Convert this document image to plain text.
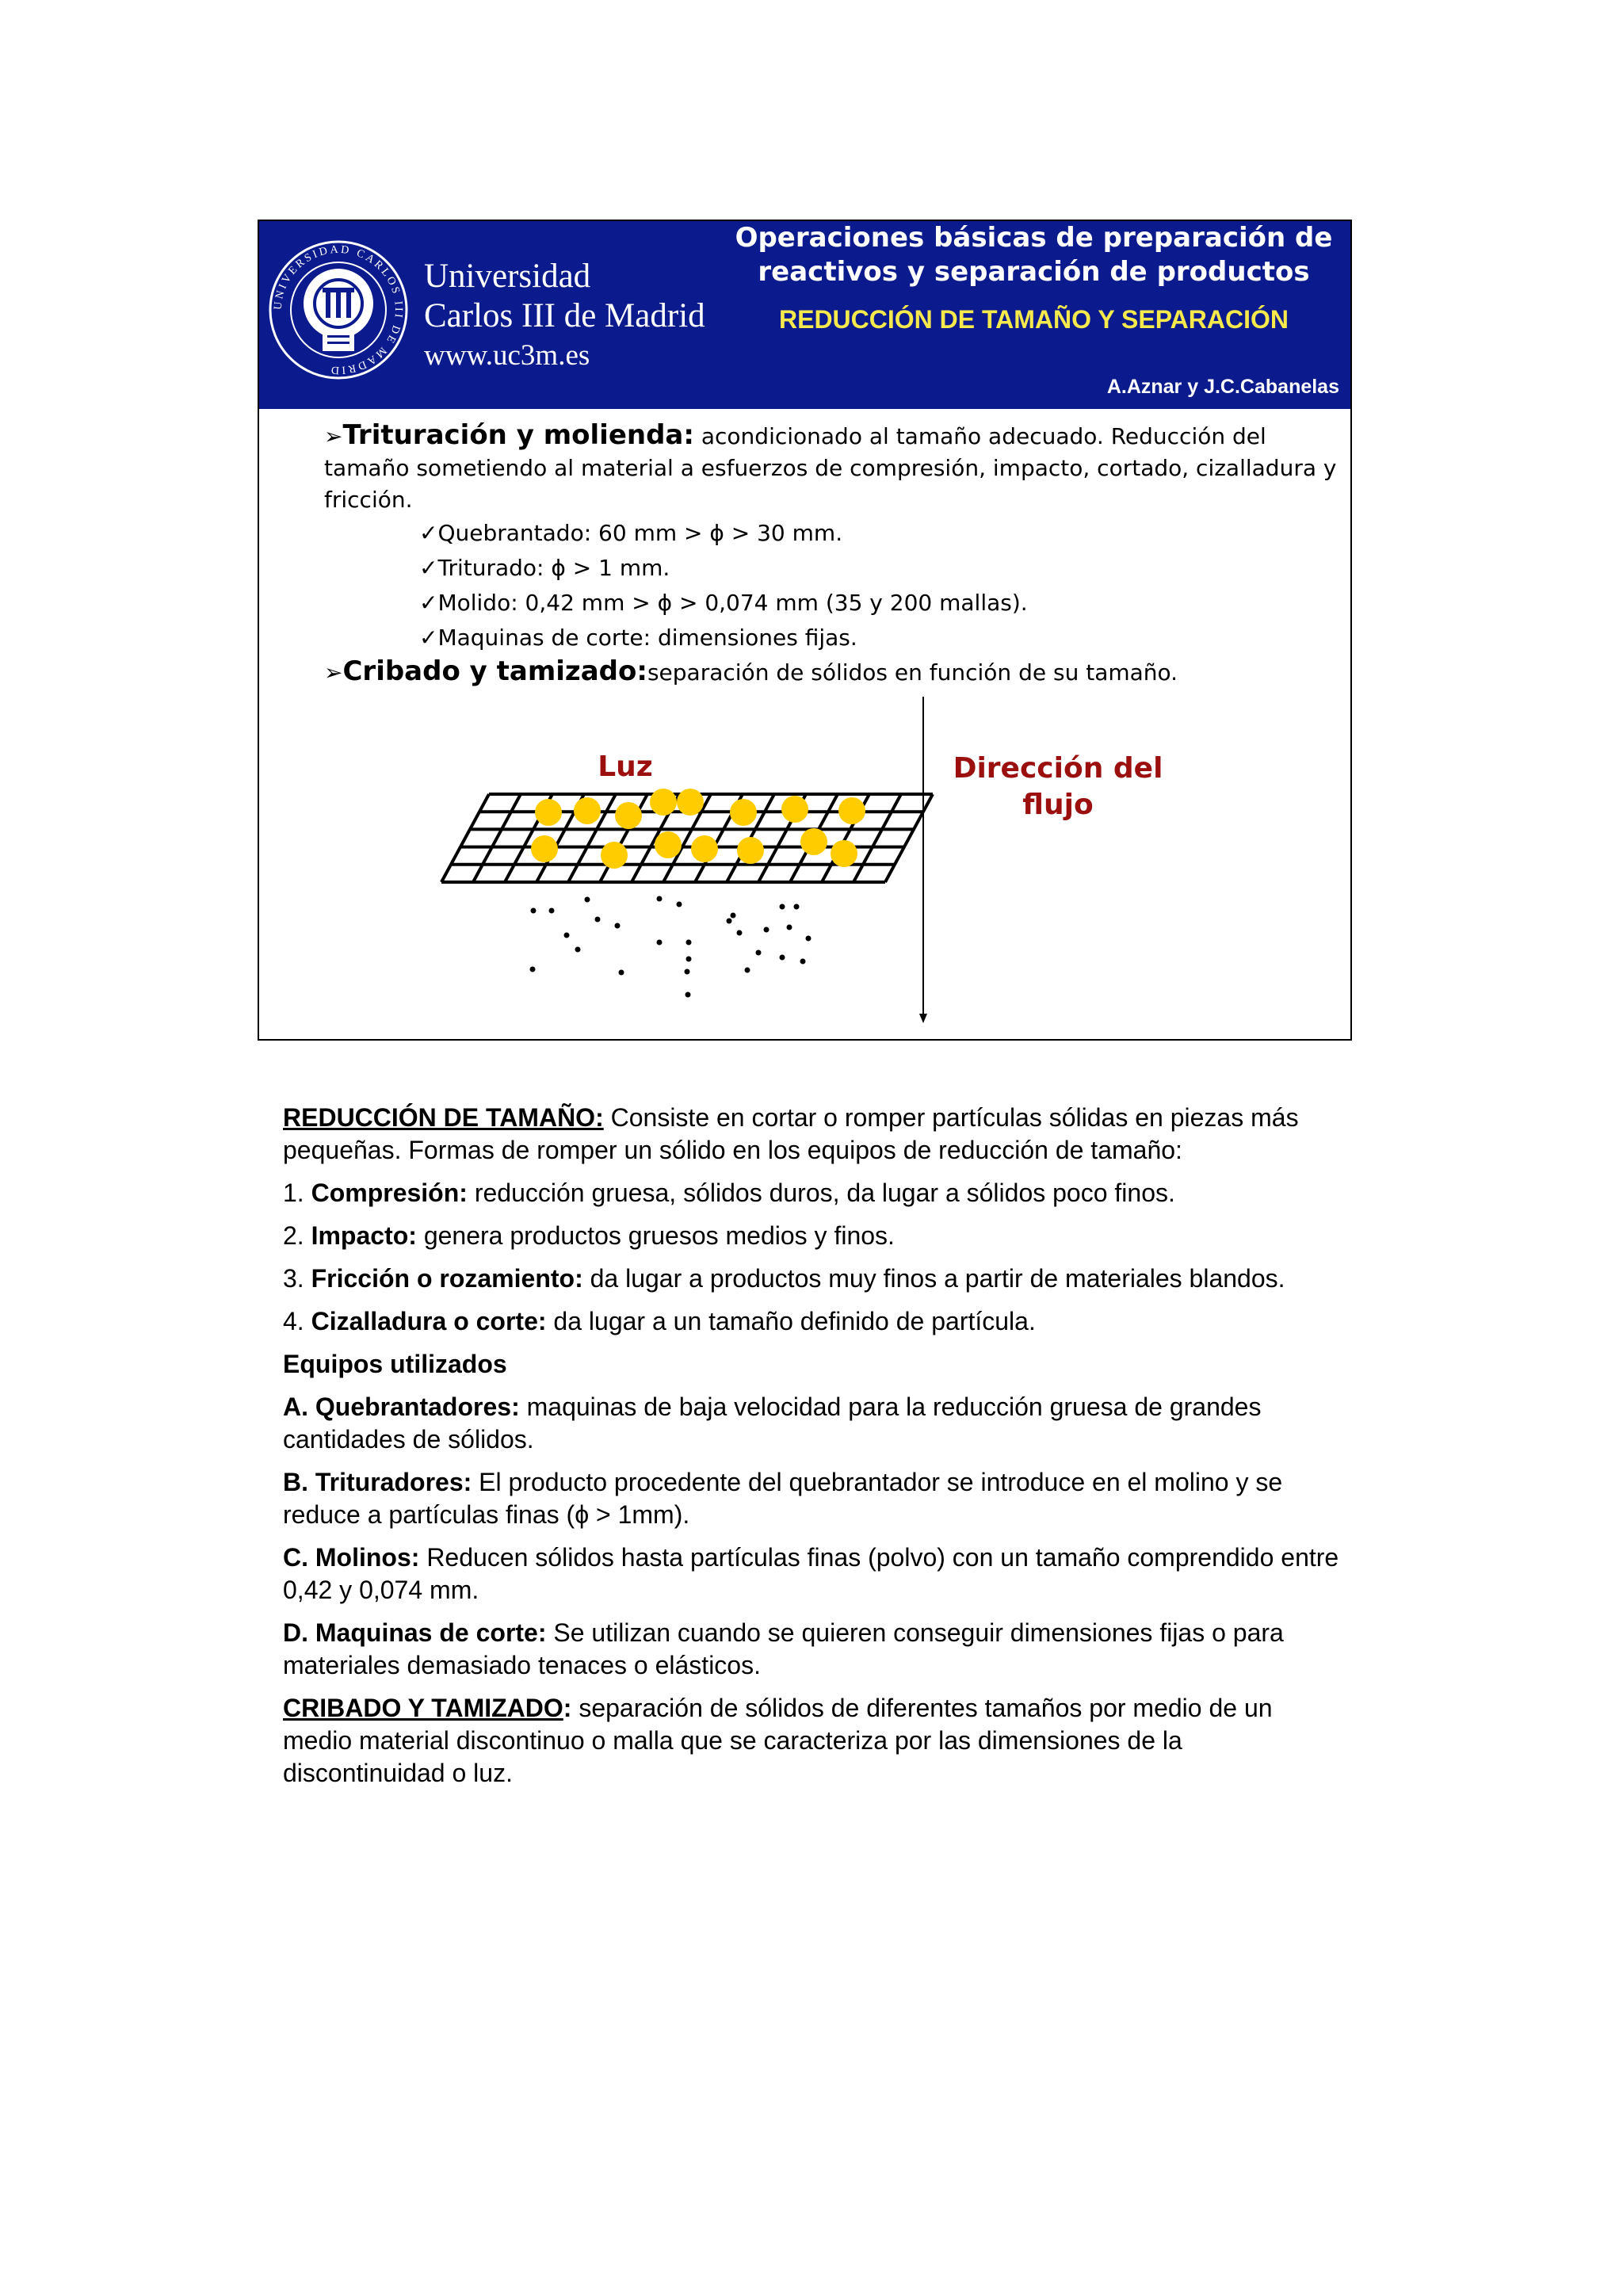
UNIVERSIDAD CARLOS III DE MADRID
Universidad
Carlos III de Madrid
www.uc3m.es
Operaciones básicas de preparación de reactivos y separación de productos
REDUCCIÓN DE TAMAÑO Y SEPARACIÓN
A.Aznar y J.C.Cabanelas

➢Trituración y molienda: acondicionado al tamaño adecuado. Reducción del tamaño sometiendo al material a esfuerzos de compresión, impacto, cortado, cizalladura y fricción.

✓Quebrantado: 60 mm > ϕ > 30 mm.
✓Triturado: ϕ > 1 mm.
✓Molido: 0,42 mm > ϕ > 0,074 mm (35 y 200 mallas).
✓Maquinas de corte: dimensiones fijas.

➢Cribado y tamizado:separación de sólidos en función de su tamaño.

Luz	Dirección del
flujo

REDUCCIÓN DE TAMAÑO: Consiste en cortar o romper partículas sólidas en piezas más pequeñas. Formas de romper un sólido en los equipos de reducción de tamaño:

1. Compresión: reducción gruesa, sólidos duros, da lugar a sólidos poco finos.

2. Impacto: genera productos gruesos medios y finos.

3. Fricción o rozamiento: da lugar a productos muy finos a partir de materiales blandos.

4. Cizalladura o corte: da lugar a un tamaño definido de partícula.

Equipos utilizados

A. Quebrantadores: maquinas de baja velocidad para la reducción gruesa de grandes cantidades de sólidos.

B. Trituradores: El producto procedente del quebrantador se introduce en el molino y se reduce a partículas finas (ϕ > 1mm).

C. Molinos: Reducen sólidos hasta partículas finas (polvo) con un tamaño comprendido entre 0,42 y 0,074 mm.

D. Maquinas de corte: Se utilizan cuando se quieren conseguir dimensiones fijas o para materiales demasiado tenaces o elásticos.

CRIBADO Y TAMIZADO: separación de sólidos de diferentes tamaños por medio de un medio material discontinuo o malla que se caracteriza por las dimensiones de la discontinuidad o luz.
